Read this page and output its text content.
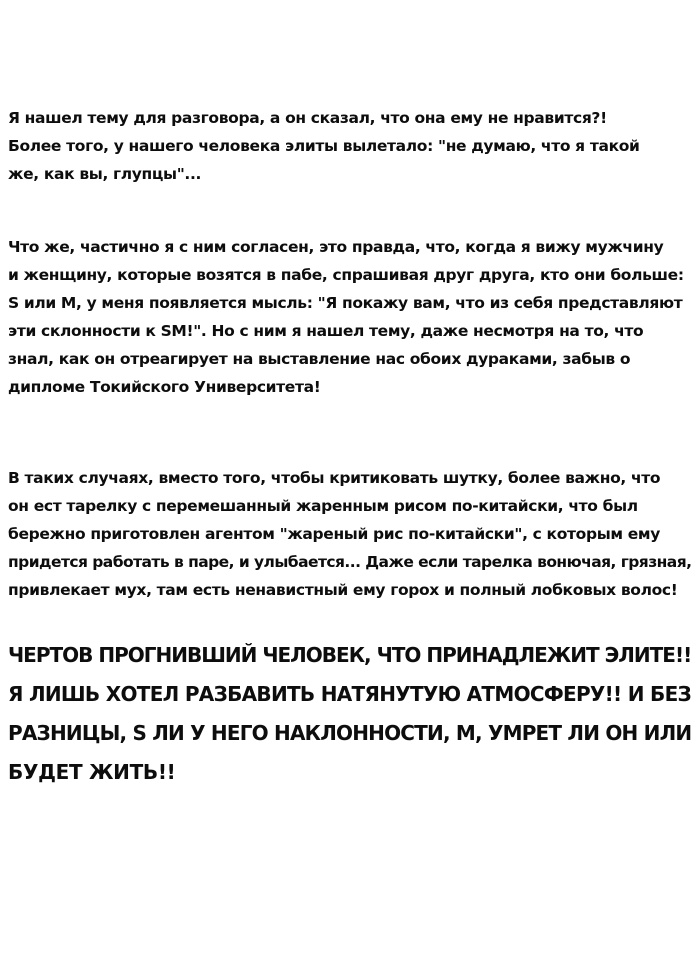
Я нашел тему для разговора, а он сказал, что она ему не нравится?!
Более того, у нашего человека элиты вылетало: "не думаю, что я такой
же, как вы, глупцы"...
Что же, частично я с ним согласен, это правда, что, когда я вижу мужчину
и женщину, которые возятся в пабе, спрашивая друг друга, кто они больше:
S или M, у меня появляется мысль: "Я покажу вам, что из себя представляют
эти склонности к SM!". Но с ним я нашел тему, даже несмотря на то, что
знал, как он отреагирует на выставление нас обоих дураками, забыв о
дипломе Токийского Университета!
В таких случаях, вместо того, чтобы критиковать шутку, более важно, что
он ест тарелку с перемешанный жаренным рисом по-китайски, что был
бережно приготовлен агентом "жареный рис по-китайски", с которым ему
придется работать в паре, и улыбается... Даже если тарелка вонючая, грязная,
привлекает мух, там есть ненавистный ему горох и полный лобковых волос!
ЧЕРТОВ ПРОГНИВШИЙ ЧЕЛОВЕК, ЧТО ПРИНАДЛЕЖИТ ЭЛИТЕ!!
Я ЛИШЬ ХОТЕЛ РАЗБАВИТЬ НАТЯНУТУЮ АТМОСФЕРУ!! И БЕЗ
РАЗНИЦЫ, S ЛИ У НЕГО НАКЛОННОСТИ, M, УМРЕТ ЛИ ОН ИЛИ
БУДЕТ ЖИТЬ!!
